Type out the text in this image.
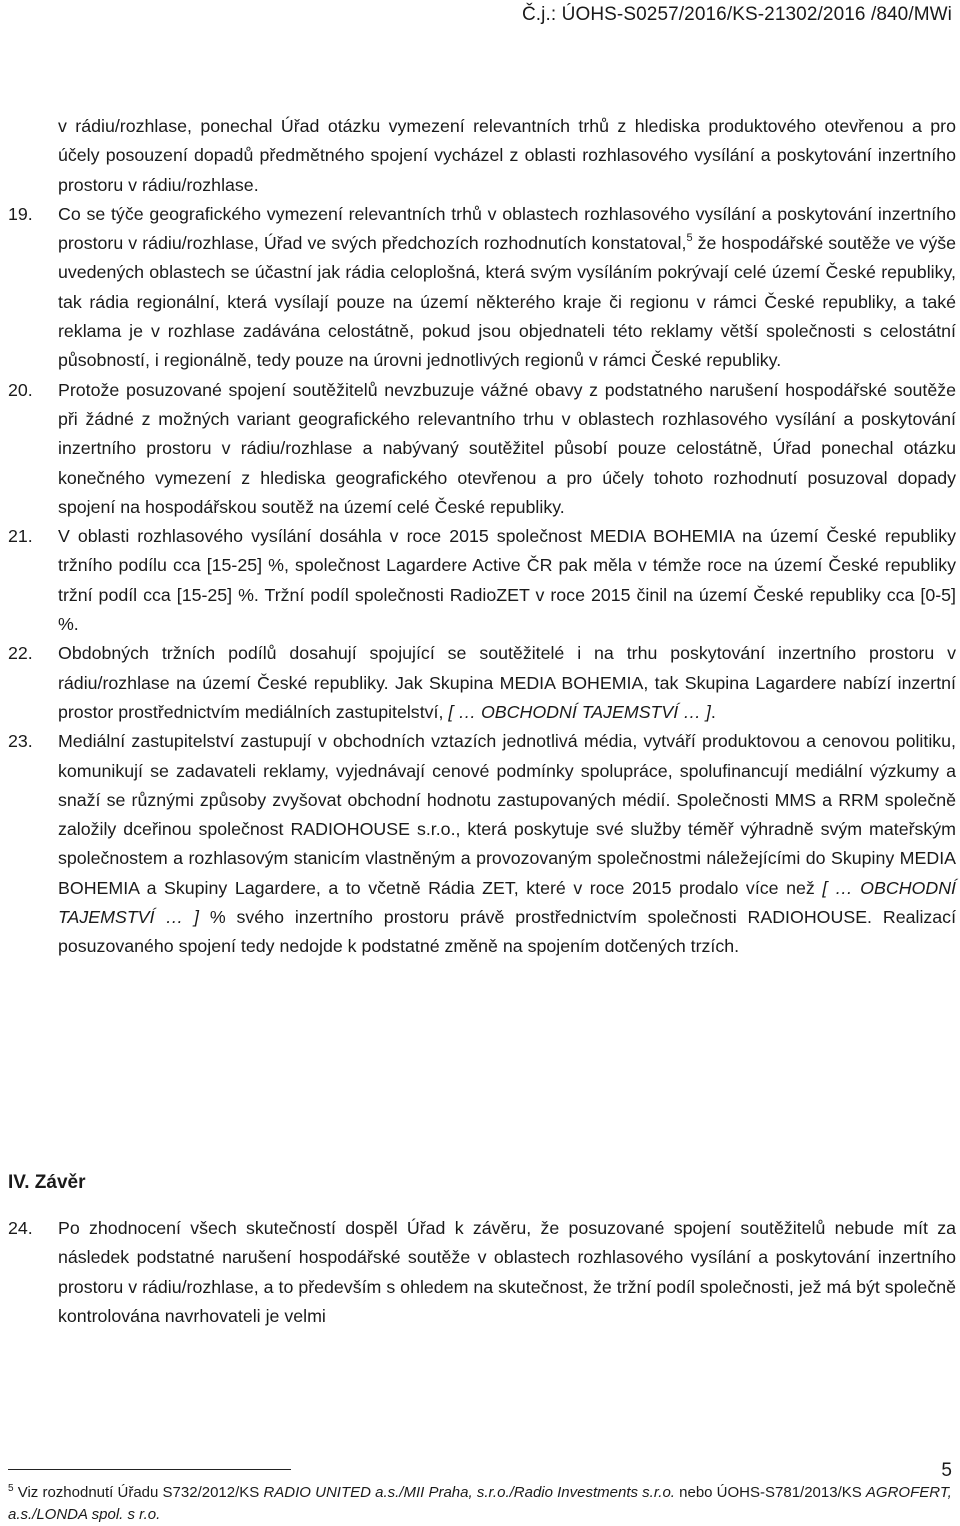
Č.j.: ÚOHS-S0257/2016/KS-21302/2016 /840/MWi

v rádiu/rozhlase, ponechal Úřad otázku vymezení relevantních trhů z hlediska produktového otevřenou a pro účely posouzení dopadů předmětného spojení vycházel z oblasti rozhlasového vysílání a poskytování inzertního prostoru v rádiu/rozhlase.

19.	Co se týče geografického vymezení relevantních trhů v oblastech rozhlasového vysílání a poskytování inzertního prostoru v rádiu/rozhlase, Úřad ve svých předchozích rozhodnutích konstatoval,$^5$ že hospodářské soutěže ve výše uvedených oblastech se účastní jak rádia celoplošná, která svým vysíláním pokrývají celé území České republiky, tak rádia regionální, která vysílají pouze na území některého kraje či regionu v rámci České republiky, a také reklama je v rozhlase zadávána celostátně, pokud jsou objednateli této reklamy větší společnosti s celostátní působností, i regionálně, tedy pouze na úrovni jednotlivých regionů v rámci České republiky.

20.	Protože posuzované spojení soutěžitelů nevzbuzuje vážné obavy z podstatného narušení hospodářské soutěže při žádné z možných variant geografického relevantního trhu v oblastech rozhlasového vysílání a poskytování inzertního prostoru v rádiu/rozhlase a nabývaný soutěžitel působí pouze celostátně, Úřad ponechal otázku konečného vymezení z hlediska geografického otevřenou a pro účely tohoto rozhodnutí posuzoval dopady spojení na hospodářskou soutěž na území celé České republiky.

21.	V oblasti rozhlasového vysílání dosáhla v roce 2015 společnost MEDIA BOHEMIA na území České republiky tržního podílu cca [15-25] %, společnost Lagardere Active ČR pak měla v témže roce na území České republiky tržní podíl cca [15-25] %. Tržní podíl společnosti RadioZET v roce 2015 činil na území České republiky cca [0-5] %.

22.	Obdobných tržních podílů dosahují spojující se soutěžitelé i na trhu poskytování inzertního prostoru v rádiu/rozhlase na území České republiky. Jak Skupina MEDIA BOHEMIA, tak Skupina Lagardere nabízí inzertní prostor prostřednictvím mediálních zastupitelství, [ … OBCHODNÍ TAJEMSTVÍ … ].

23.	Mediální zastupitelství zastupují v obchodních vztazích jednotlivá média, vytváří produktovou a cenovou politiku, komunikují se zadavateli reklamy, vyjednávají cenové podmínky spolupráce, spolufinancují mediální výzkumy a snaží se různými způsoby zvyšovat obchodní hodnotu zastupovaných médií. Společnosti MMS a RRM společně založily dceřinou společnost RADIOHOUSE s.r.o., která poskytuje své služby téměř výhradně svým mateřským společnostem a rozhlasovým stanicím vlastněným a provozovaným společnostmi náležejícími do Skupiny MEDIA BOHEMIA a Skupiny Lagardere, a to včetně Rádia ZET, které v roce 2015 prodalo více než [ … OBCHODNÍ TAJEMSTVÍ … ] % svého inzertního prostoru právě prostřednictvím společnosti RADIOHOUSE. Realizací posuzovaného spojení tedy nedojde k podstatné změně na spojením dotčených trzích.

IV. Závěr
24.	Po zhodnocení všech skutečností dospěl Úřad k závěru, že posuzované spojení soutěžitelů nebude mít za následek podstatné narušení hospodářské soutěže v oblastech rozhlasového vysílání a poskytování inzertního prostoru v rádiu/rozhlase, a to především s ohledem na skutečnost, že tržní podíl společnosti, jež má být společně kontrolována navrhovateli je velmi

$^5$ Viz rozhodnutí Úřadu S732/2012/KS RADIO UNITED a.s./MII Praha, s.r.o./Radio Investments s.r.o. nebo ÚOHS-S781/2013/KS AGROFERT, a.s./LONDA spol. s r.o.
5
